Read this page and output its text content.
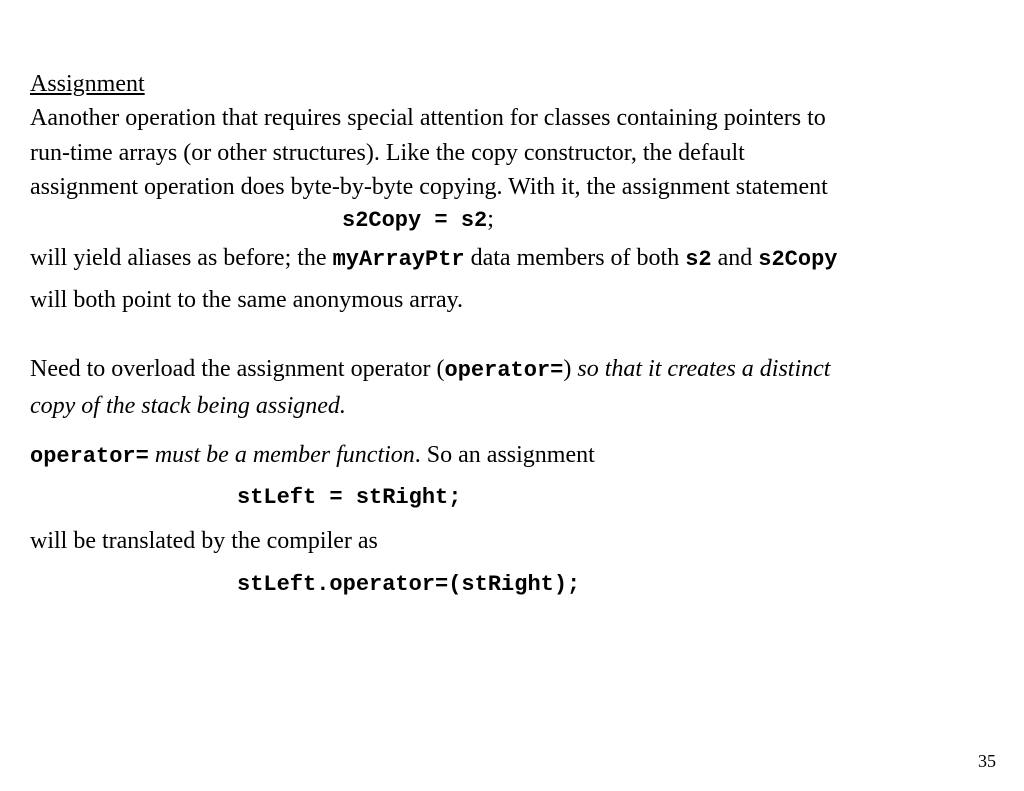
Assignment
Aanother operation that requires special attention for classes containing pointers to
run-time arrays (or other structures). Like the copy constructor, the default
assignment operation does byte-by-byte copying. With it, the assignment statement
s2Copy = s2;
will yield aliases as before; the myArrayPtr data members of both s2 and s2Copy
will both point to the same anonymous array.
Need to overload the assignment operator (operator=) so that it creates a distinct
copy of the stack being assigned.
operator= must be a member function. So an assignment
stLeft = stRight;
will be translated by the compiler as
stLeft.operator=(stRight);
35
